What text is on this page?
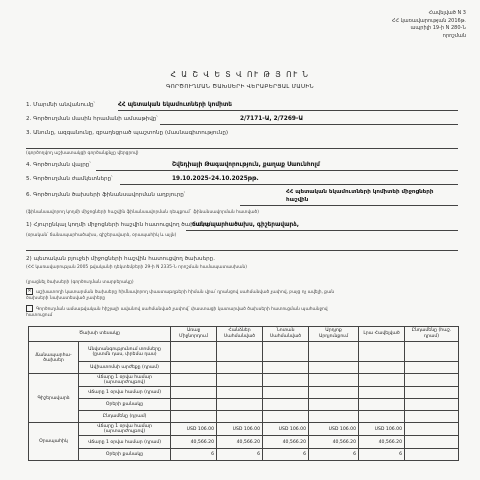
Հավելված N 3
ՀՀ կառավարության 2016թ.
ապրիլի 19-ի N 280-Ն
որոշման
Հ Ա Շ Վ Ե Տ Վ ՈՒ Թ Յ ՈՒ Ն
ԳՈՐԾՈՒՂՄԱՆ ԾԱԽՍԵՐԻ ՎԵՐԱԲԵՐՅԱԼ ՄԱՍԻՆ
1. Մարմնի անվանումը՝	ՀՀ պետական եկամուտների կոմիտե
2. Գործուղման մասին հրամանի ամսաթիվը՝	2/7171-Ա, 2/7269-Ա
3. Անունը, ազգանունը, զբաղեցրած պաշտոնը (մասնագիտությունը)
(գործողվող աշխատակցի գործանքնչը վերցրով)
4. Գործուղման վայրը՝	Շվեդիայի Թագավորություն, քաղաք Սաունհոլմ
5. Գործուղման ժամկետները՝	19.10.2025-24.10.2025թթ.
6. Գործուղման ծախսերի ֆինանսավորման աղբյուրը՝	ՀՀ պետական եկամուտների կոմիտեի միջոցների հաշվին
(ֆինանսավորող կողմի միջոցների հաշվին ֆինանսավորման դեպքում` ֆինանսավորման հատված)
1) Հյուրընկալ կողմի միջոցների հաշվին հատուցվող ծախսերը՝
ճանապարհածախս, գիշերավարձ,
(օրական՝ ճանապարհածախս, գիշերավարձ, օրապահիկ և այլն)
2) պետական բյուջեի միջոցների հաշվին հատուցվող ծախսերը.
(ՀՀ կառավարության 2005 թվականի դեկտեմբերի 29-ի N 2335-Ն որոշման համապատասխան)
(լրացնել ծախսերի (գործուղման տարբերակը)
✕ աշխատողի կատարման ծախսերը հիմնավորող փաստաթղթերի հիման վրա՝ դրանցով սահմանված չափով, բայց ոչ ավելի, քան
ծախսերի նախատեսված չափերը
Գործուղման ամսաթվական հիշյալի ավանով սահմանված չափով՝ փաստացի կատարված ծախսերի հատուցման պահանջով
հատուցում
Ծախսի տեսակը		Առաջ Միջնորդում	Հանձներ Սահմանված	Նոտան Սահմանված	Արդյոք Արդյունքում	Լրա Հավելված	Ընդամենը (հաշ. դրամ)
Ճանապարհա-ծախսեր	Անվտանգությունում տոմսերը (ըստմն դաս, փրեմա դաս)						
	Ավիատոմսի արժեքը (դրամ)						
Գիշերավարձ	Վճարը 1 օրվա համար (արտարժույթով)						
	Վճարը 1 օրվա համար (դրամ)						
	Օրերի քանակը						
	Ընդամենը (դրամ)						
Օրապահիկ	Վճարը 1 օրվա համար (արտարժույթով)	USD 106.00	USD 106.00	USD 106.00	USD 106.00	USD 106.00	
	Վճարը 1 օրվա համար (դրամ)	40,566.20	40,566.20	40,566.20	40,566.20	40,566.20	
	Օրերի քանակը	6	6	6	6	6	
